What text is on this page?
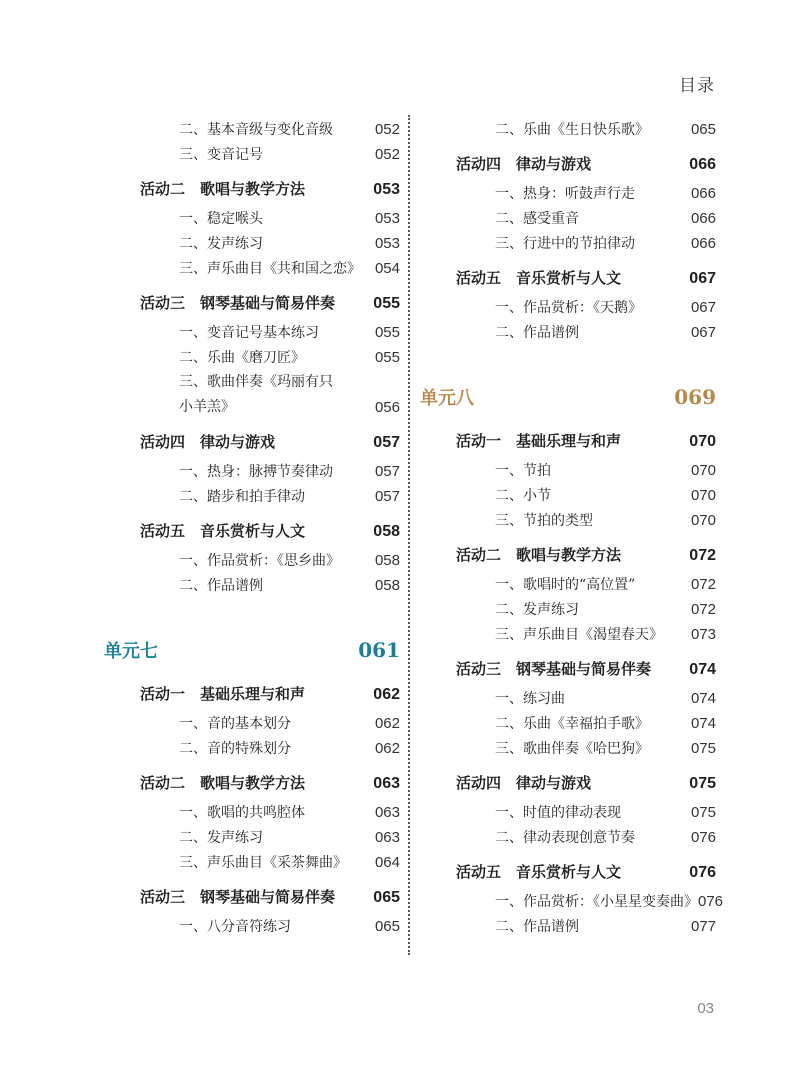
目录
二、基本音级与变化音级	052
三、变音记号	052
活动二　歌唱与教学方法	053
一、稳定喉头	053
二、发声练习	053
三、声乐曲目《共和国之恋》 054
活动三　钢琴基础与简易伴奏 055
一、变音记号基本练习	055
二、乐曲《磨刀匠》	055
三、歌曲伴奏《玛丽有只小羊羔》	056
活动四　律动与游戏	057
一、热身：脉搏节奏律动	057
二、踏步和拍手律动	057
活动五　音乐赏析与人文	058
一、作品赏析：《思乡曲》 058
二、作品谱例	058
单元七	061
活动一　基础乐理与和声	062
一、音的基本划分	062
二、音的特殊划分	062
活动二　歌唱与教学方法	063
一、歌唱的共鸣腔体	063
二、发声练习	063
三、声乐曲目《采茶舞曲》 064
活动三　钢琴基础与简易伴奏 065
一、八分音符练习	065
二、乐曲《生日快乐歌》	065
活动四　律动与游戏	066
一、热身：听鼓声行走	066
二、感受重音	066
三、行进中的节拍律动	066
活动五　音乐赏析与人文	067
一、作品赏析：《天鹅》	067
二、作品谱例	067
单元八	069
活动一　基础乐理与和声	070
一、节拍	070
二、小节	070
三、节拍的类型	070
活动二　歌唱与教学方法	072
一、歌唱时的“高位置”	072
二、发声练习	072
三、声乐曲目《渴望春天》 073
活动三　钢琴基础与简易伴奏 074
一、练习曲	074
二、乐曲《幸福拍手歌》	074
三、歌曲伴奏《哈巴狗》	075
活动四　律动与游戏	075
一、时值的律动表现	075
二、律动表现创意节奏	076
活动五　音乐赏析与人文	076
一、作品赏析：《小星星变奏曲》 076
二、作品谱例	077
03
